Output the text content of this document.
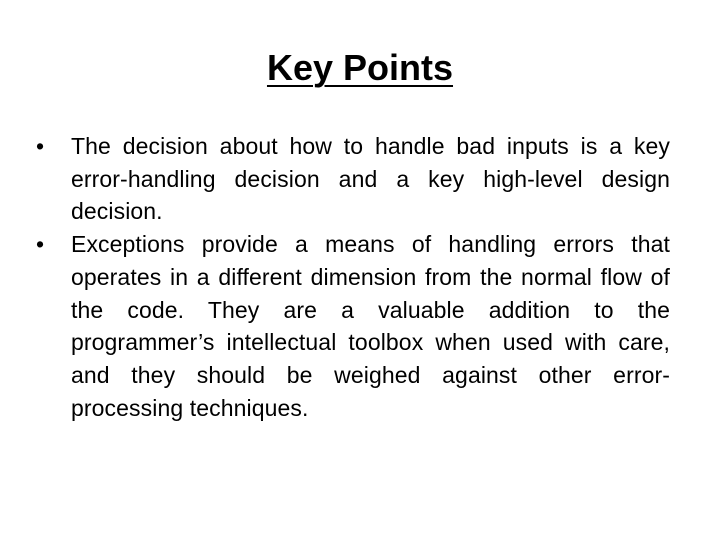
Key Points
•	The decision about how to handle bad inputs is a key error-handling decision and a key high-level design decision.
•	Exceptions provide a means of handling errors that operates in a different dimension from the normal flow of the code. They are a valuable addition to the programmer’s intellectual toolbox when used with care, and they should be weighed against other error-processing techniques.
